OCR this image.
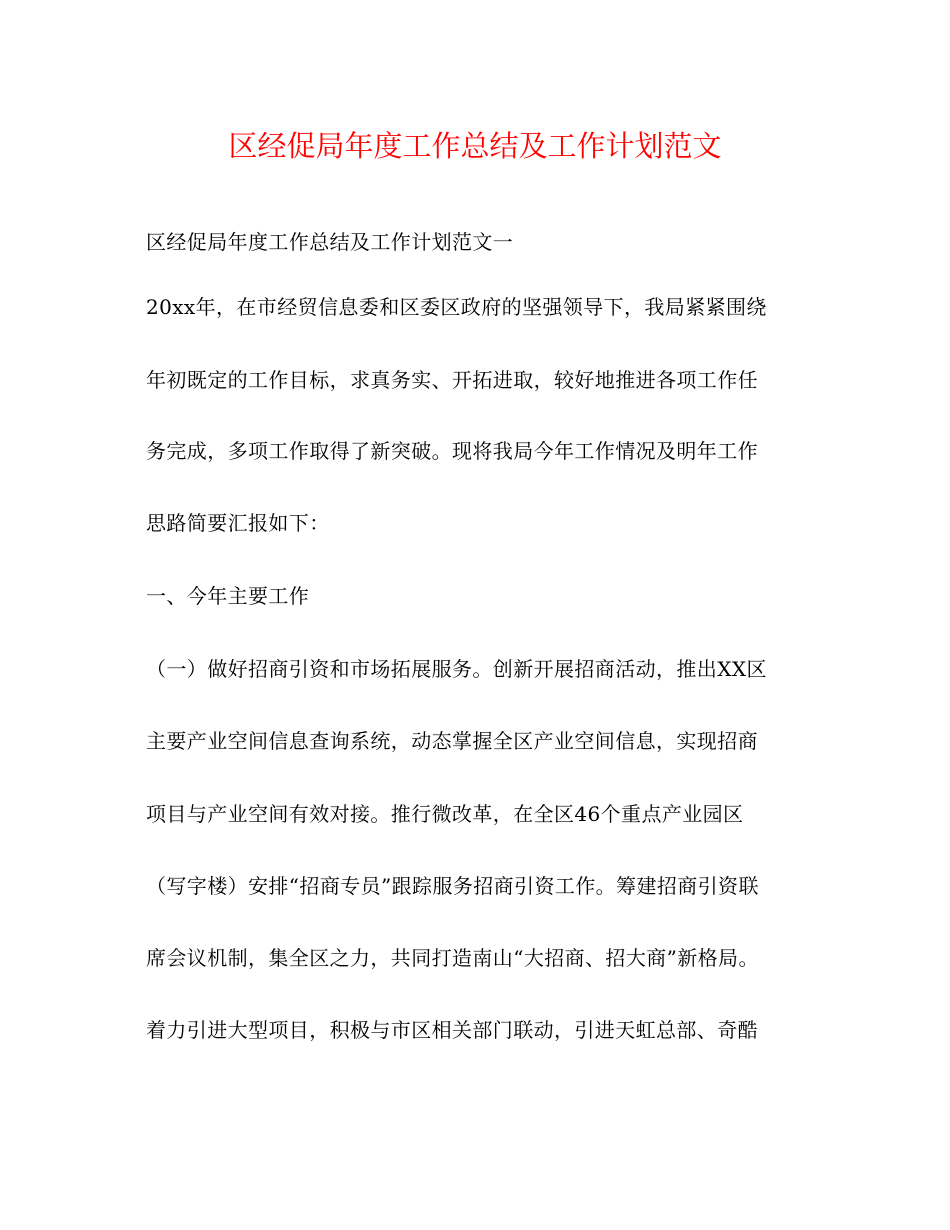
区经促局年度工作总结及工作计划范文
区经促局年度工作总结及工作计划范文一
20xx年，在市经贸信息委和区委区政府的坚强领导下，我局紧紧围绕
年初既定的工作目标，求真务实、开拓进取，较好地推进各项工作任
务完成，多项工作取得了新突破。现将我局今年工作情况及明年工作
思路简要汇报如下：
一、今年主要工作
（一）做好招商引资和市场拓展服务。创新开展招商活动，推出XX区
主要产业空间信息查询系统，动态掌握全区产业空间信息，实现招商
项目与产业空间有效对接。推行微改革，在全区46个重点产业园区
（写字楼）安排“招商专员”跟踪服务招商引资工作。筹建招商引资联
席会议机制，集全区之力，共同打造南山“大招商、招大商”新格局。
着力引进大型项目，积极与市区相关部门联动，引进天虹总部、奇酷
